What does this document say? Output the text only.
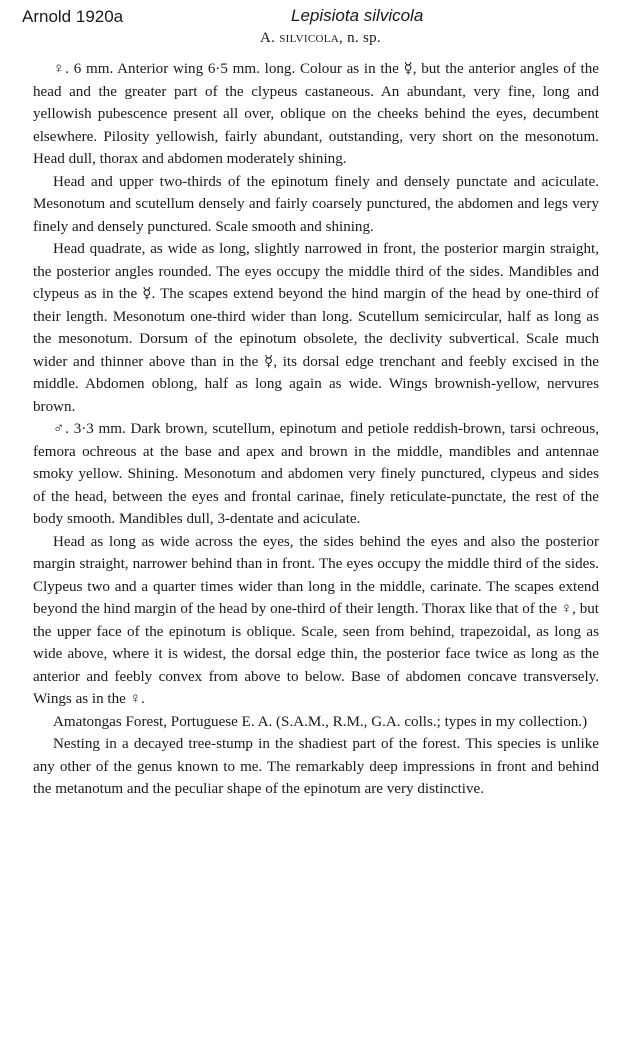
Arnold 1920a	Lepisiota silvicola
A. silvicola, n. sp.

♀. 6 mm. Anterior wing 6·5 mm. long. Colour as in the ☿, but the anterior angles of the head and the greater part of the clypeus castaneous. An abundant, very fine, long and yellowish pubescence present all over, oblique on the cheeks behind the eyes, decumbent elsewhere. Pilosity yellowish, fairly abundant, outstanding, very short on the mesonotum. Head dull, thorax and abdomen moderately shining.

Head and upper two-thirds of the epinotum finely and densely punctate and aciculate. Mesonotum and scutellum densely and fairly coarsely punctured, the abdomen and legs very finely and densely punctured. Scale smooth and shining.

Head quadrate, as wide as long, slightly narrowed in front, the posterior margin straight, the posterior angles rounded. The eyes occupy the middle third of the sides. Mandibles and clypeus as in the ☿. The scapes extend beyond the hind margin of the head by one-third of their length. Mesonotum one-third wider than long. Scutellum semicircular, half as long as the mesonotum. Dorsum of the epinotum obsolete, the declivity subvertical. Scale much wider and thinner above than in the ☿, its dorsal edge trenchant and feebly excised in the middle. Abdomen oblong, half as long again as wide. Wings brownish-yellow, nervures brown.

♂. 3·3 mm. Dark brown, scutellum, epinotum and petiole reddish-brown, tarsi ochreous, femora ochreous at the base and apex and brown in the middle, mandibles and antennae smoky yellow. Shining. Mesonotum and abdomen very finely punctured, clypeus and sides of the head, between the eyes and frontal carinae, finely reticulate-punctate, the rest of the body smooth. Mandibles dull, 3-dentate and aciculate.

Head as long as wide across the eyes, the sides behind the eyes and also the posterior margin straight, narrower behind than in front. The eyes occupy the middle third of the sides. Clypeus two and a quarter times wider than long in the middle, carinate. The scapes extend beyond the hind margin of the head by one-third of their length. Thorax like that of the ♀, but the upper face of the epinotum is oblique. Scale, seen from behind, trapezoidal, as long as wide above, where it is widest, the dorsal edge thin, the posterior face twice as long as the anterior and feebly convex from above to below. Base of abdomen concave transversely. Wings as in the ♀.

Amatongas Forest, Portuguese E. A. (S.A.M., R.M., G.A. colls.; types in my collection.)

Nesting in a decayed tree-stump in the shadiest part of the forest. This species is unlike any other of the genus known to me. The remarkably deep impressions in front and behind the metanotum and the peculiar shape of the epinotum are very distinctive.
